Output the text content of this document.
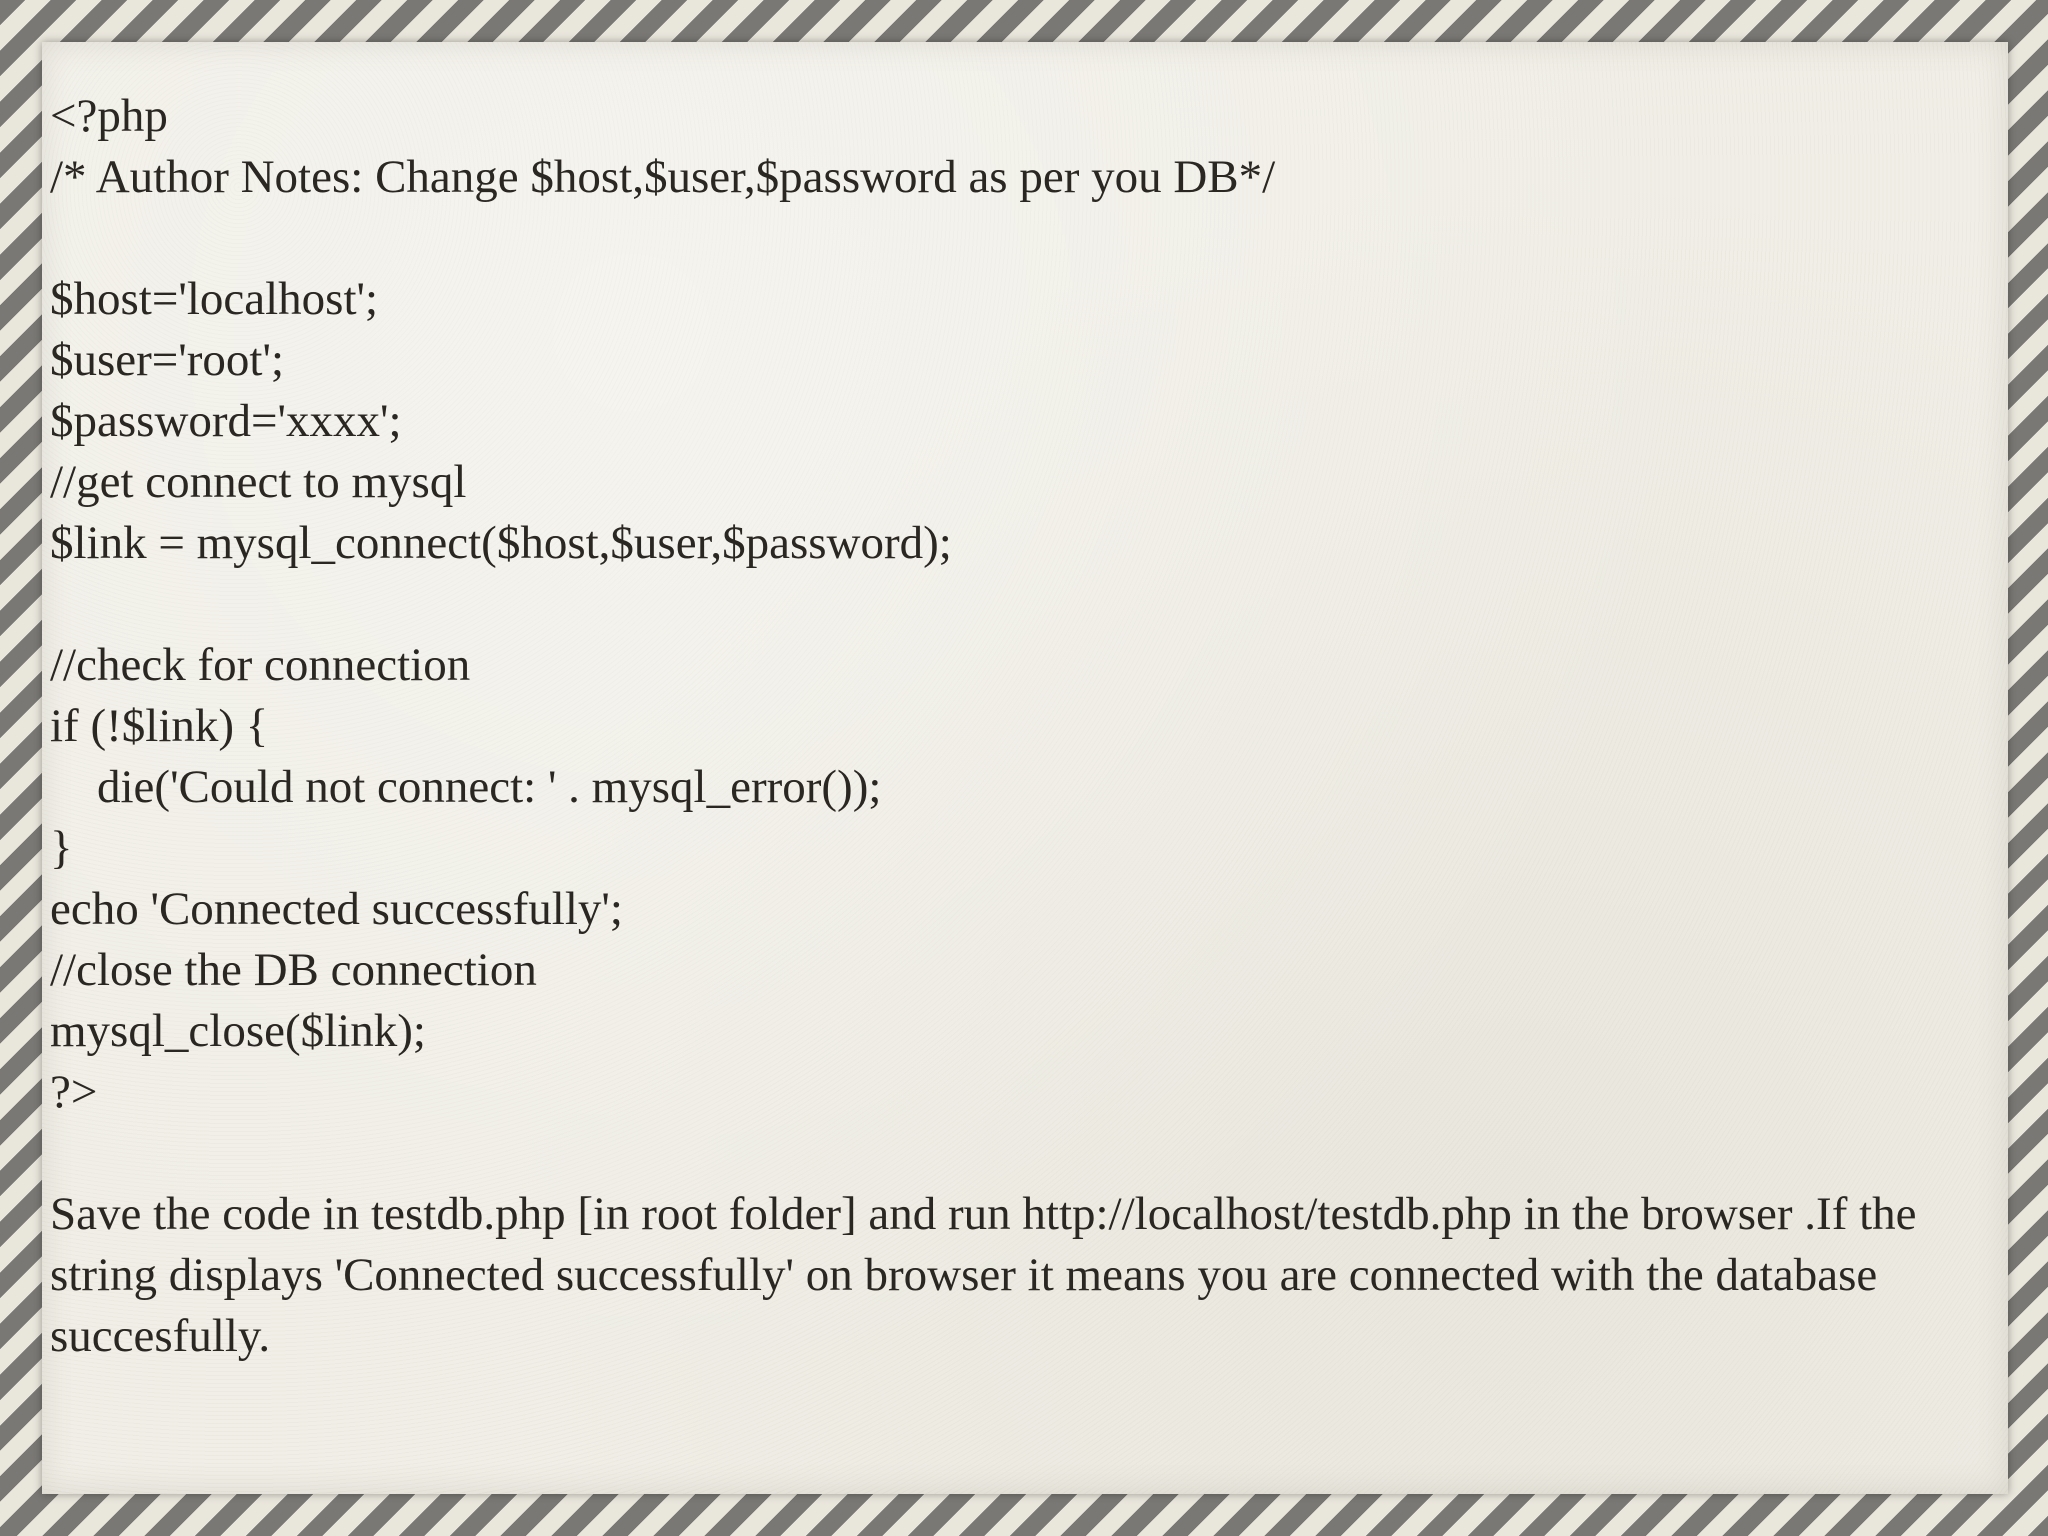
<?php
/* Author Notes: Change $host,$user,$password as per you DB*/
$host='localhost';
$user='root';
$password='xxxx';
//get connect to mysql
$link = mysql_connect($host,$user,$password);
//check for connection
if (!$link) {
die('Could not connect: ' . mysql_error());
}
echo 'Connected successfully';
//close the DB connection
mysql_close($link);
?>

Save the code in testdb.php [in root folder] and run http://localhost/testdb.php in the browser .If the string displays 'Connected successfully' on browser it means you are connected with the database succesfully.
